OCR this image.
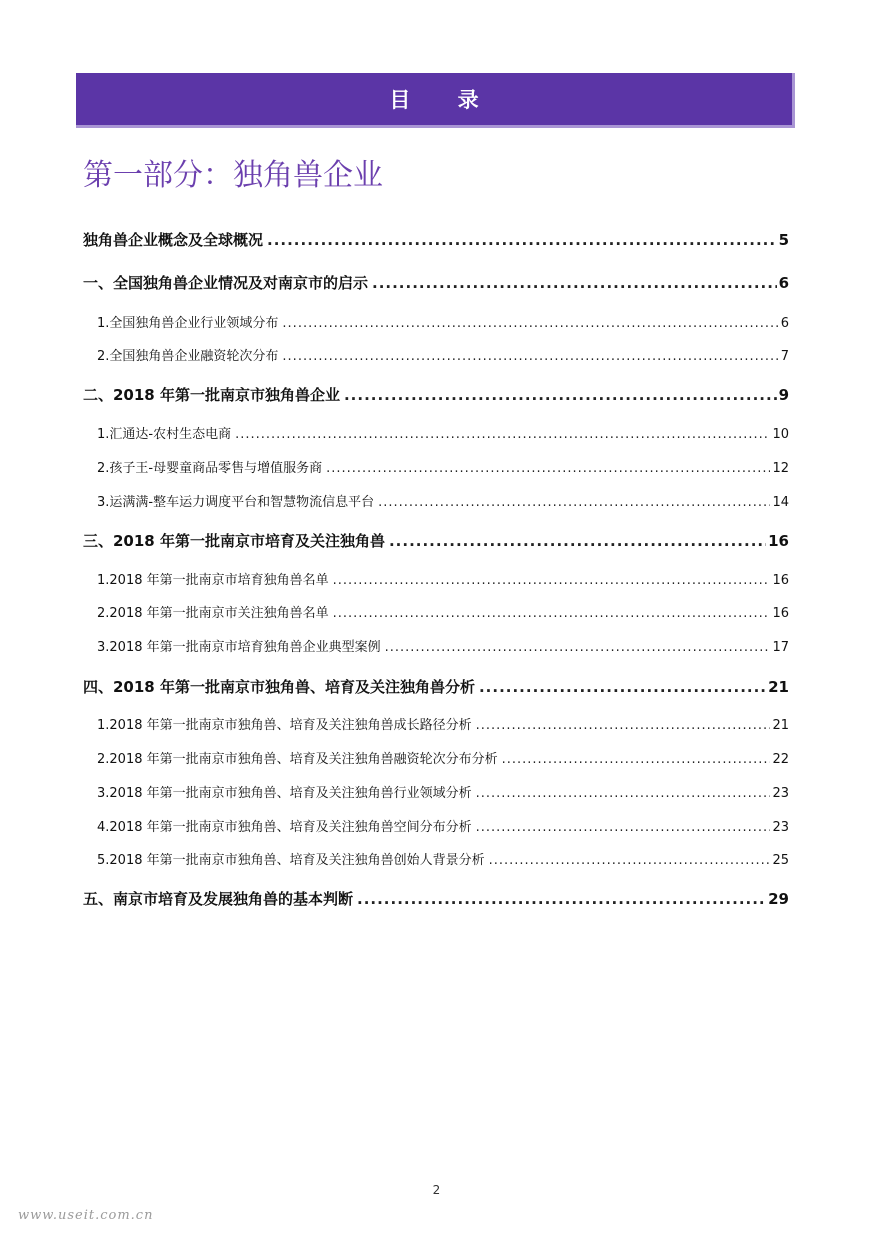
目 录
第一部分：独角兽企业
独角兽企业概念及全球概况 .....	5
一、全国独角兽企业情况及对南京市的启示 .....	6
1. 全国独角兽企业行业领域分布 .....	6
2. 全国独角兽企业融资轮次分布 .....	7
二、2018 年第一批南京市独角兽企业 .....	9
1. 汇通达-农村生态电商 .....	10
2. 孩子王-母婴童商品零售与增值服务商 .....	12
3. 运满满-整车运力调度平台和智慧物流信息平台 .....	14
三、2018 年第一批南京市培育及关注独角兽 .....	16
1. 2018 年第一批南京市培育独角兽名单 .....	16
2. 2018 年第一批南京市关注独角兽名单 .....	16
3. 2018 年第一批南京市培育独角兽企业典型案例 .....	17
四、2018 年第一批南京市独角兽、培育及关注独角兽分析 .....	21
1. 2018 年第一批南京市独角兽、培育及关注独角兽成长路径分析 .....	21
2. 2018 年第一批南京市独角兽、培育及关注独角兽融资轮次分布分析 .....	22
3. 2018 年第一批南京市独角兽、培育及关注独角兽行业领域分析 .....	23
4. 2018 年第一批南京市独角兽、培育及关注独角兽空间分布分析 .....	23
5. 2018 年第一批南京市独角兽、培育及关注独角兽创始人背景分析 .....	25
五、南京市培育及发展独角兽的基本判断 .....	29
2
www.useit.com.cn
